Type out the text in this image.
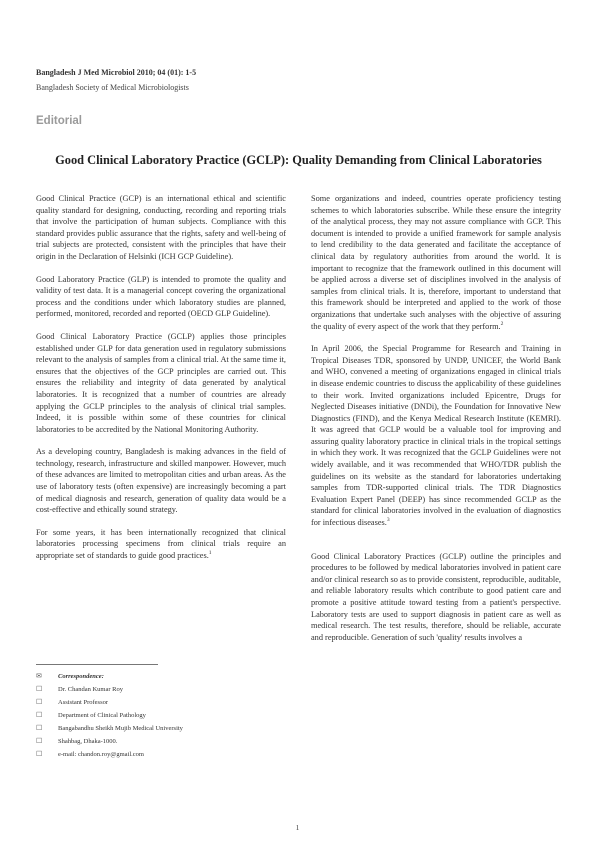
Bangladesh J Med Microbiol 2010; 04 (01): 1-5
Bangladesh Society of Medical Microbiologists
Editorial
Good Clinical Laboratory Practice (GCLP): Quality Demanding from Clinical Laboratories

Good Clinical Practice (GCP) is an international ethical and scientific quality standard for designing, conducting, recording and reporting trials that involve the participation of human subjects. Compliance with this standard provides public assurance that the rights, safety and well-being of trial subjects are protected, consistent with the principles that have their origin in the Declaration of Helsinki (ICH GCP Guideline).

Good Laboratory Practice (GLP) is intended to promote the quality and validity of test data. It is a managerial concept covering the organizational process and the conditions under which laboratory studies are planned, performed, monitored, recorded and reported (OECD GLP Guideline).

Good Clinical Laboratory Practice (GCLP) applies those principles established under GLP for data generation used in regulatory submissions relevant to the analysis of samples from a clinical trial. At the same time it, ensures that the objectives of the GCP principles are carried out. This ensures the reliability and integrity of data generated by analytical laboratories. It is recognized that a number of countries are already applying the GCLP principles to the analysis of clinical trial samples. Indeed, it is possible within some of these countries for clinical laboratories to be accredited by the National Monitoring Authority.

As a developing country, Bangladesh is making advances in the field of technology, research, infrastructure and skilled manpower. However, much of these advances are limited to metropolitan cities and urban areas. As the use of laboratory tests (often expensive) are increasingly becoming a part of medical diagnosis and research, generation of quality data would be a cost-effective and ethically sound strategy.

For some years, it has been internationally recognized that clinical laboratories processing specimens from clinical trials require an appropriate set of standards to guide good practices.$^1$

Some organizations and indeed, countries operate proficiency testing schemes to which laboratories subscribe. While these ensure the integrity of the analytical process, they may not assure compliance with GCP. This document is intended to provide a unified framework for sample analysis to lend credibility to the data generated and facilitate the acceptance of clinical data by regulatory authorities from around the world. It is important to recognize that the framework outlined in this document will be applied across a diverse set of disciplines involved in the analysis of samples from clinical trials. It is, therefore, important to understand that this framework should be interpreted and applied to the work of those organizations that undertake such analyses with the objective of assuring the quality of every aspect of the work that they perform.$^2$

In April 2006, the Special Programme for Research and Training in Tropical Diseases TDR, sponsored by UNDP, UNICEF, the World Bank and WHO, convened a meeting of organizations engaged in clinical trials in disease endemic countries to discuss the applicability of these guidelines to their work. Invited organizations included Epicentre, Drugs for Neglected Diseases initiative (DNDi), the Foundation for Innovative New Diagnostics (FIND), and the Kenya Medical Research Institute (KEMRI). It was agreed that GCLP would be a valuable tool for improving and assuring quality laboratory practice in clinical trials in the tropical settings in which they work. It was recognized that the GCLP Guidelines were not widely available, and it was recommended that WHO/TDR publish the guidelines on its website as the standard for laboratories undertaking samples from TDR-supported clinical trials. The TDR Diagnostics Evaluation Expert Panel (DEEP) has since recommended GCLP as the standard for clinical laboratories involved in the evaluation of diagnostics for infectious diseases.$^3$

Good Clinical Laboratory Practices (GCLP) outline the principles and procedures to be followed by medical laboratories involved in patient care and/or clinical research so as to provide consistent, reproducible, auditable, and reliable laboratory results which contribute to good patient care and promote a positive attitude toward testing from a patient's perspective. Laboratory tests are used to support diagnosis in patient care as well as medical research. The test results, therefore, should be reliable, accurate and reproducible. Generation of such 'quality' results involves a

✉	Correspondence:
☐	Dr. Chandan Kumar Roy
☐	Assistant Professor
☐	Department of Clinical Pathology
☐	Bangabandhu Sheikh Mujib Medical University
☐	Shahbag, Dhaka-1000.
☐	e-mail: chandon.roy@gmail.com
1
